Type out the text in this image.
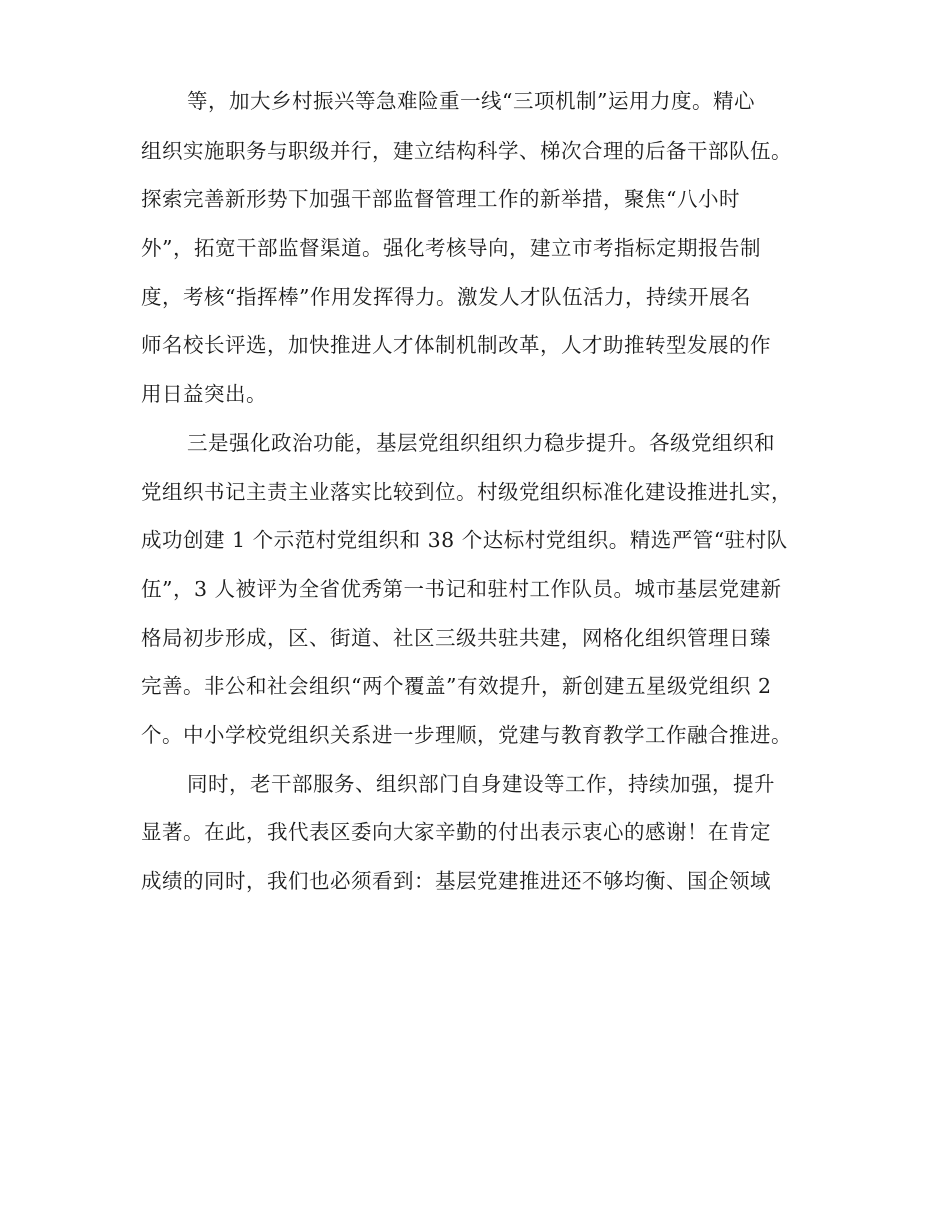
等，加大乡村振兴等急难险重一线“三项机制”运用力度。精心
组织实施职务与职级并行，建立结构科学、梯次合理的后备干部队伍。
探索完善新形势下加强干部监督管理工作的新举措，聚焦“八小时
外”，拓宽干部监督渠道。强化考核导向，建立市考指标定期报告制
度，考核“指挥棒”作用发挥得力。激发人才队伍活力，持续开展名
师名校长评选，加快推进人才体制机制改革，人才助推转型发展的作
用日益突出。
三是强化政治功能，基层党组织组织力稳步提升。各级党组织和
党组织书记主责主业落实比较到位。村级党组织标准化建设推进扎实，
成功创建 1 个示范村党组织和 38 个达标村党组织。精选严管“驻村队
伍”，3 人被评为全省优秀第一书记和驻村工作队员。城市基层党建新
格局初步形成，区、街道、社区三级共驻共建，网格化组织管理日臻
完善。非公和社会组织“两个覆盖”有效提升，新创建五星级党组织 2
个。中小学校党组织关系进一步理顺，党建与教育教学工作融合推进。
同时，老干部服务、组织部门自身建设等工作，持续加强，提升
显著。在此，我代表区委向大家辛勤的付出表示衷心的感谢！在肯定
成绩的同时，我们也必须看到：基层党建推进还不够均衡、国企领域
